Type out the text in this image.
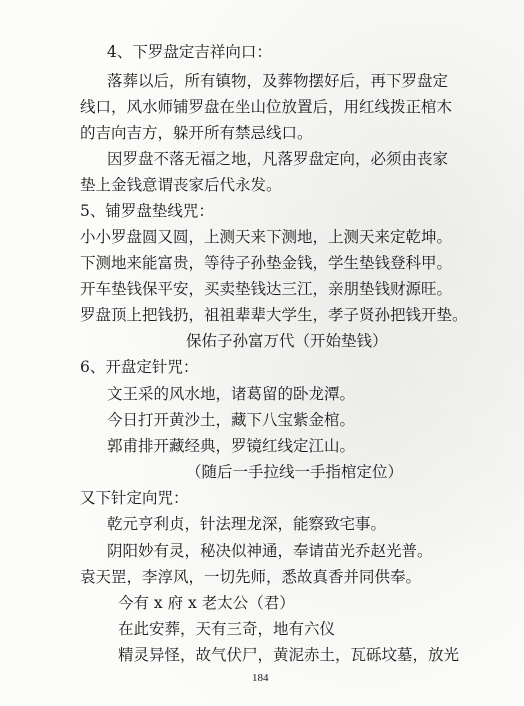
4、下罗盘定吉祥向口：
落葬以后，所有镇物，及葬物摆好后，再下罗盘定
线口，风水师铺罗盘在坐山位放置后，用红线拨正棺木
的吉向吉方，躲开所有禁忌线口。
因罗盘不落无福之地，凡落罗盘定向，必须由丧家
垫上金钱意谓丧家后代永发。
5、铺罗盘垫线咒：
小小罗盘圆又圆，上测天来下测地，上测天来定乾坤。
下测地来能富贵，等待子孙垫金钱，学生垫钱登科甲。
开车垫钱保平安，买卖垫钱达三江，亲朋垫钱财源旺。
罗盘顶上把钱扔，祖祖辈辈大学生，孝子贤孙把钱开垫。
保佑子孙富万代（开始垫钱）
6、开盘定针咒：
文王采的风水地，诸葛留的卧龙潭。
今日打开黄沙土，藏下八宝紫金棺。
郭甫排开藏经典，罗镜红线定江山。
（随后一手拉线一手指棺定位）
又下针定向咒：
乾元亨利贞，针法理龙深，能察致宅事。
阴阳妙有灵，秘决似神通，奉请苗光乔赵光普。
袁天罡，李淳风，一切先师，悉故真香并同供奉。
今有 x 府 x 老太公（君）
在此安葬，天有三奇，地有六仪
精灵异怪，故气伏尸，黄泥赤土，瓦砾坟墓，放光
184
